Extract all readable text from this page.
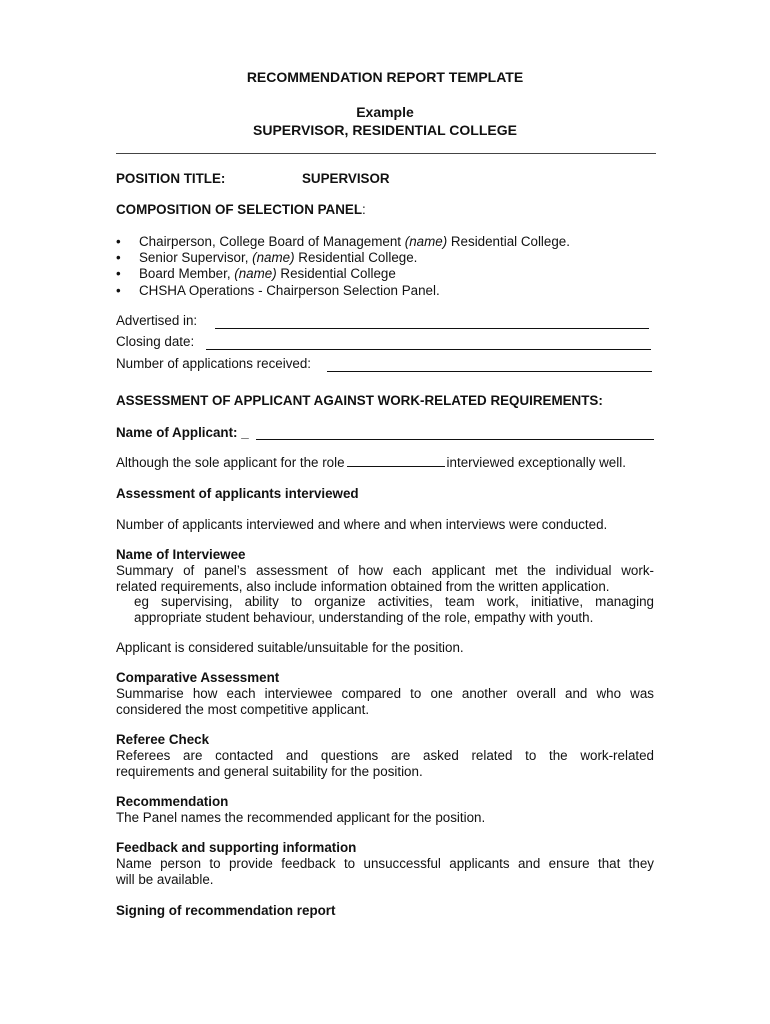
RECOMMENDATION REPORT TEMPLATE
Example
SUPERVISOR, RESIDENTIAL COLLEGE
POSITION TITLE:	SUPERVISOR
COMPOSITION OF SELECTION PANEL:
• Chairperson, College Board of Management (name) Residential College.
• Senior Supervisor, (name) Residential College.
• Board Member, (name) Residential College
• CHSHA Operations - Chairperson Selection Panel.
Advertised in:
Closing date:
Number of applications received:
ASSESSMENT OF APPLICANT AGAINST WORK-RELATED REQUIREMENTS:
Name of Applicant: _
Although the sole applicant for the role	interviewed exceptionally well.
Assessment of applicants interviewed
Number of applicants interviewed and where and when interviews were conducted.
Name of Interviewee
Summary of panel’s assessment of how each applicant met the individual work-
related requirements, also include information obtained from the written application.
eg supervising, ability to organize activities, team work, initiative, managing
appropriate student behaviour, understanding of the role, empathy with youth.
Applicant is considered suitable/unsuitable for the position.
Comparative Assessment
Summarise how each interviewee compared to one another overall and who was
considered the most competitive applicant.
Referee Check
Referees are contacted and questions are asked related to the work-related
requirements and general suitability for the position.
Recommendation
The Panel names the recommended applicant for the position.
Feedback and supporting information
Name person to provide feedback to unsuccessful applicants and ensure that they
will be available.
Signing of recommendation report
